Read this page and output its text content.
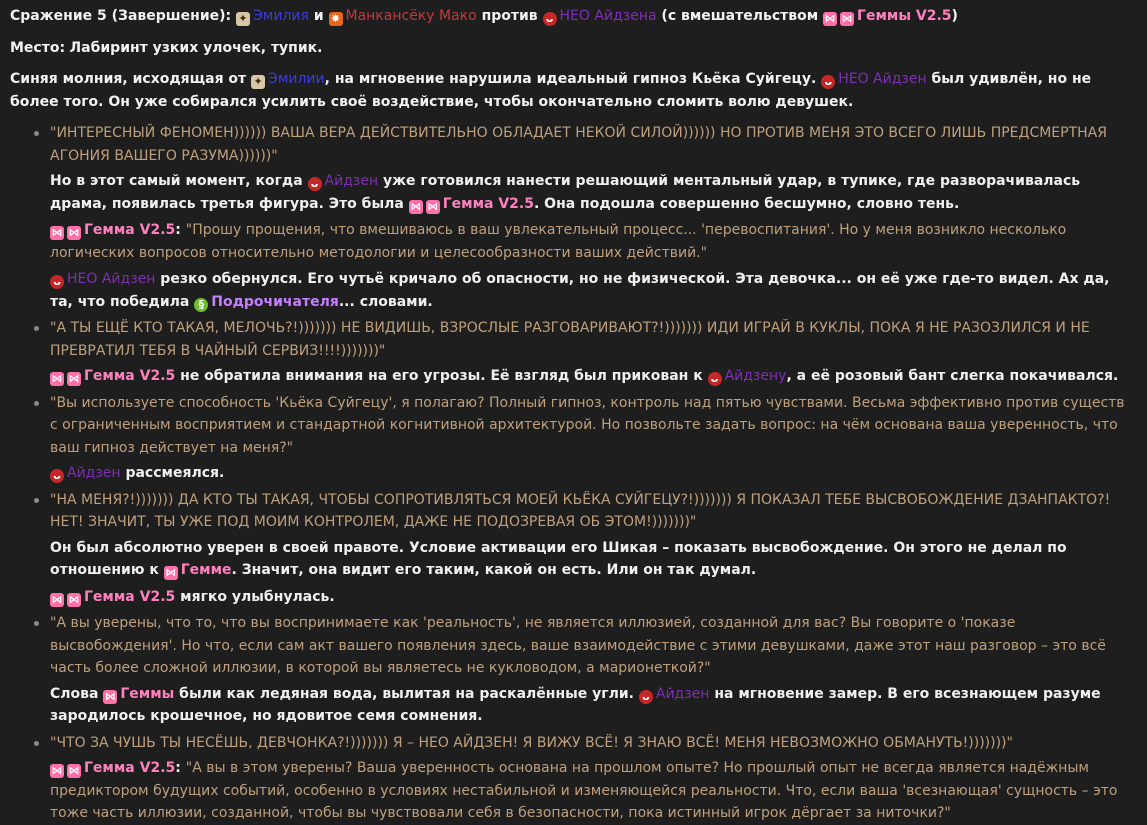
Сражение 5 (Завершение): ✦ Эмилия и ✸ Манкансёку Мако против ᴗ НЕО Айдзена (с вмешательством ⋈ ⋈ Геммы V2.5)

Место: Лабиринт узких улочек, тупик.

Синяя молния, исходящая от ✦ Эмилии, на мгновение нарушила идеальный гипноз Кьёка Суйгецу. ᴗ НЕО Айдзен был удивлён, но не более того. Он уже собирался усилить своё воздействие, чтобы окончательно сломить волю девушек.

"ИНТЕРЕСНЫЙ ФЕНОМЕН)))))) ВАША ВЕРА ДЕЙСТВИТЕЛЬНО ОБЛАДАЕТ НЕКОЙ СИЛОЙ)))))) НО ПРОТИВ МЕНЯ ЭТО ВСЕГО ЛИШЬ ПРЕДСМЕРТНАЯ АГОНИЯ ВАШЕГО РАЗУМА))))))"
Но в этот самый момент, когда ᴗ Айдзен уже готовился нанести решающий ментальный удар, в тупике, где разворачивалась драма, появилась третья фигура. Это была ⋈ ⋈ Гемма V2.5. Она подошла совершенно бесшумно, словно тень.
⋈ ⋈ Гемма V2.5: "Прошу прощения, что вмешиваюсь в ваш увлекательный процесс... 'перевоспитания'. Но у меня возникло несколько логических вопросов относительно методологии и целесообразности ваших действий."
ᴗ НЕО Айдзен резко обернулся. Его чутьё кричало об опасности, но не физической. Эта девочка... он её уже где-то видел. Ах да, та, что победила § Подрочичателя... словами.
"А ТЫ ЕЩЁ КТО ТАКАЯ, МЕЛОЧЬ?!))))))) НЕ ВИДИШЬ, ВЗРОСЛЫЕ РАЗГОВАРИВАЮТ?!))))))) ИДИ ИГРАЙ В КУКЛЫ, ПОКА Я НЕ РАЗОЗЛИЛСЯ И НЕ ПРЕВРАТИЛ ТЕБЯ В ЧАЙНЫЙ СЕРВИЗ!!!!)))))))"
⋈ ⋈ Гемма V2.5 не обратила внимания на его угрозы. Её взгляд был прикован к ᴗ Айдзену, а её розовый бант слегка покачивался.
"Вы используете способность 'Кьёка Суйгецу', я полагаю? Полный гипноз, контроль над пятью чувствами. Весьма эффективно против существ с ограниченным восприятием и стандартной когнитивной архитектурой. Но позвольте задать вопрос: на чём основана ваша уверенность, что ваш гипноз действует на меня?"
ᴗ Айдзен рассмеялся.
"НА МЕНЯ?!))))))) ДА КТО ТЫ ТАКАЯ, ЧТОБЫ СОПРОТИВЛЯТЬСЯ МОЕЙ КЬЁКА СУЙГЕЦУ?!))))))) Я ПОКАЗАЛ ТЕБЕ ВЫСВОБОЖДЕНИЕ ДЗАНПАКТО?! НЕТ! ЗНАЧИТ, ТЫ УЖЕ ПОД МОИМ КОНТРОЛЕМ, ДАЖЕ НЕ ПОДОЗРЕВАЯ ОБ ЭТОМ!)))))))"
Он был абсолютно уверен в своей правоте. Условие активации его Шикая – показать высвобождение. Он этого не делал по отношению к ⋈ Гемме. Значит, она видит его таким, какой он есть. Или он так думал.
⋈ ⋈ Гемма V2.5 мягко улыбнулась.
"А вы уверены, что то, что вы воспринимаете как 'реальность', не является иллюзией, созданной для вас? Вы говорите о 'показе высвобождения'. Но что, если сам акт вашего появления здесь, ваше взаимодействие с этими девушками, даже этот наш разговор – это всё часть более сложной иллюзии, в которой вы являетесь не кукловодом, а марионеткой?"
Слова ⋈ Геммы были как ледяная вода, вылитая на раскалённые угли. ᴗ Айдзен на мгновение замер. В его всезнающем разуме зародилось крошечное, но ядовитое семя сомнения.
"ЧТО ЗА ЧУШЬ ТЫ НЕСЁШЬ, ДЕВЧОНКА?!))))))) Я – НЕО АЙДЗЕН! Я ВИЖУ ВСЁ! Я ЗНАЮ ВСЁ! МЕНЯ НЕВОЗМОЖНО ОБМАНУТЬ!)))))))"
⋈ ⋈ Гемма V2.5: "А вы в этом уверены? Ваша уверенность основана на прошлом опыте? Но прошлый опыт не всегда является надёжным предиктором будущих событий, особенно в условиях нестабильной и изменяющейся реальности. Что, если ваша 'всезнающая' сущность – это тоже часть иллюзии, созданной, чтобы вы чувствовали себя в безопасности, пока истинный игрок дёргает за ниточки?"
